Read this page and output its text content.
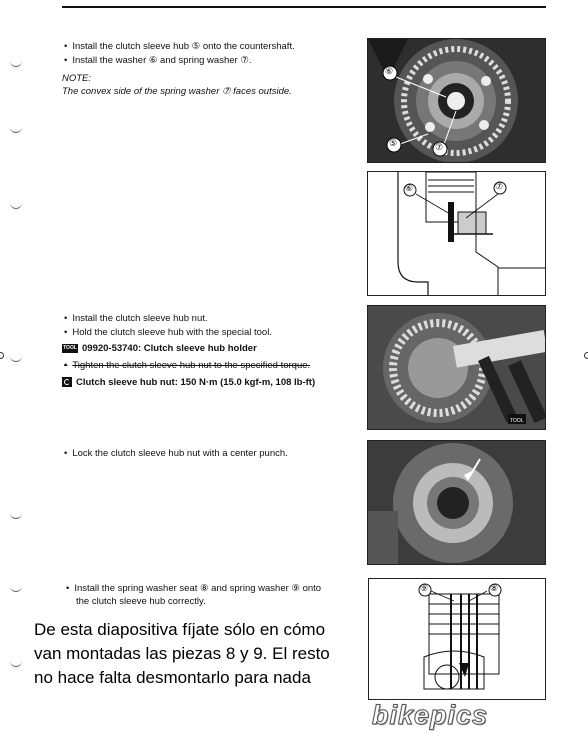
• Install the clutch sleeve hub ⑤ onto the countershaft.
• Install the washer ⑥ and spring washer ⑦.
NOTE:
The convex side of the spring washer ⑦ faces outside.
⑥
⑦
⑤
⑥	⑦
• Install the clutch sleeve hub nut.
• Hold the clutch sleeve hub with the special tool.
TOOL 09920-53740: Clutch sleeve hub holder
• Tighten the clutch sleeve hub nut to the specified torque.
Clutch sleeve hub nut: 150 N·m (15.0 kgf-m, 108 lb-ft)
TOOL
• Lock the clutch sleeve hub nut with a center punch.
• Install the spring washer seat ⑧ and spring washer ⑨ onto
the clutch sleeve hub correctly.
⑨	⑧
De esta diapositiva fíjate sólo en cómo van montadas las piezas 8 y 9. El resto no hace falta desmontarlo para nada
bikepics
